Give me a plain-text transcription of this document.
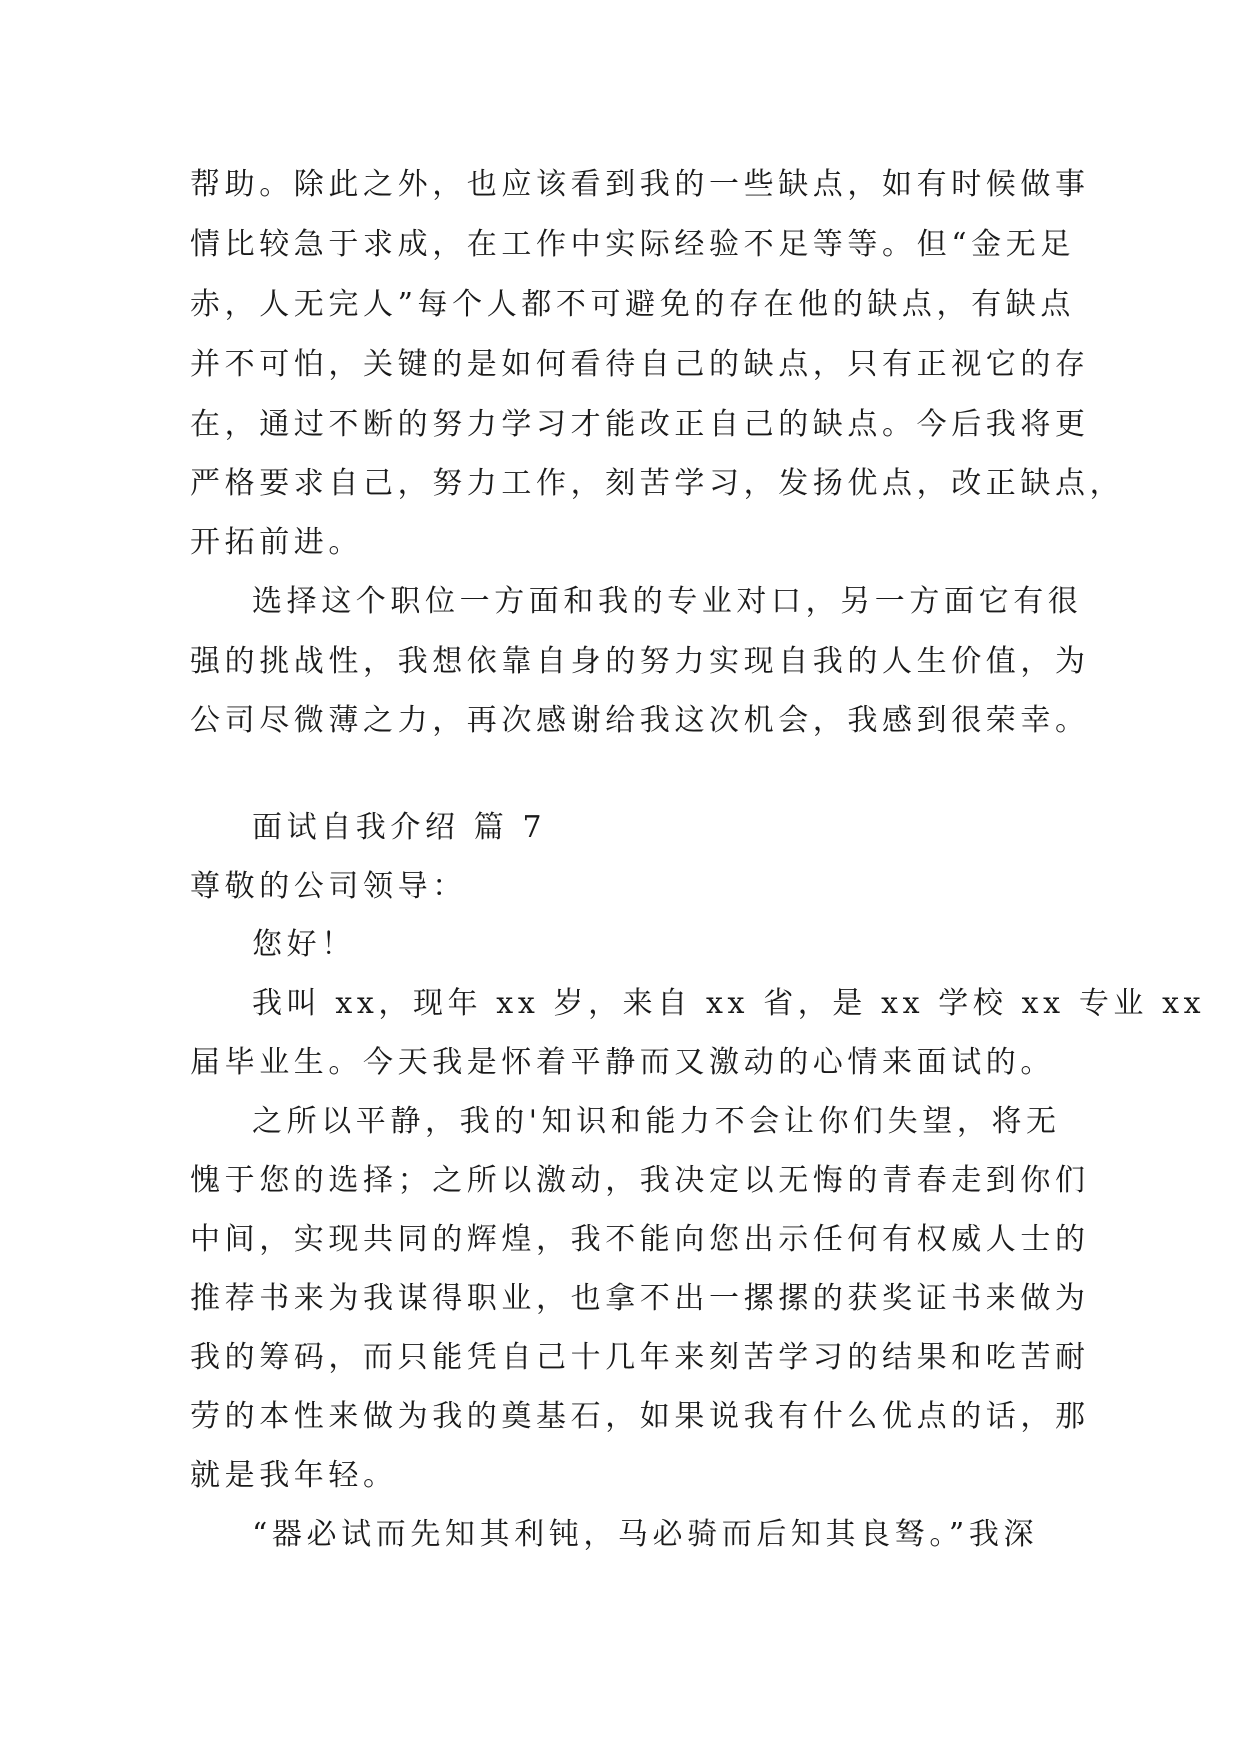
帮助。除此之外，也应该看到我的一些缺点，如有时候做事
情比较急于求成，在工作中实际经验不足等等。但“金无足
赤，人无完人”每个人都不可避免的存在他的缺点，有缺点
并不可怕，关键的是如何看待自己的缺点，只有正视它的存
在，通过不断的努力学习才能改正自己的缺点。今后我将更
严格要求自己，努力工作，刻苦学习，发扬优点，改正缺点，
开拓前进。
选择这个职位一方面和我的专业对口，另一方面它有很
强的挑战性，我想依靠自身的努力实现自我的人生价值，为
公司尽微薄之力，再次感谢给我这次机会，我感到很荣幸。
面试自我介绍 篇 7
尊敬的公司领导：
您好！
我叫 xx，现年 xx 岁，来自 xx 省，是 xx 学校 xx 专业 xx
届毕业生。今天我是怀着平静而又激动的心情来面试的。
之所以平静，我的'知识和能力不会让你们失望，将无
愧于您的选择；之所以激动，我决定以无悔的青春走到你们
中间，实现共同的辉煌，我不能向您出示任何有权威人士的
推荐书来为我谋得职业，也拿不出一摞摞的获奖证书来做为
我的筹码，而只能凭自己十几年来刻苦学习的结果和吃苦耐
劳的本性来做为我的奠基石，如果说我有什么优点的话，那
就是我年轻。
“器必试而先知其利钝，马必骑而后知其良驽。”我深
